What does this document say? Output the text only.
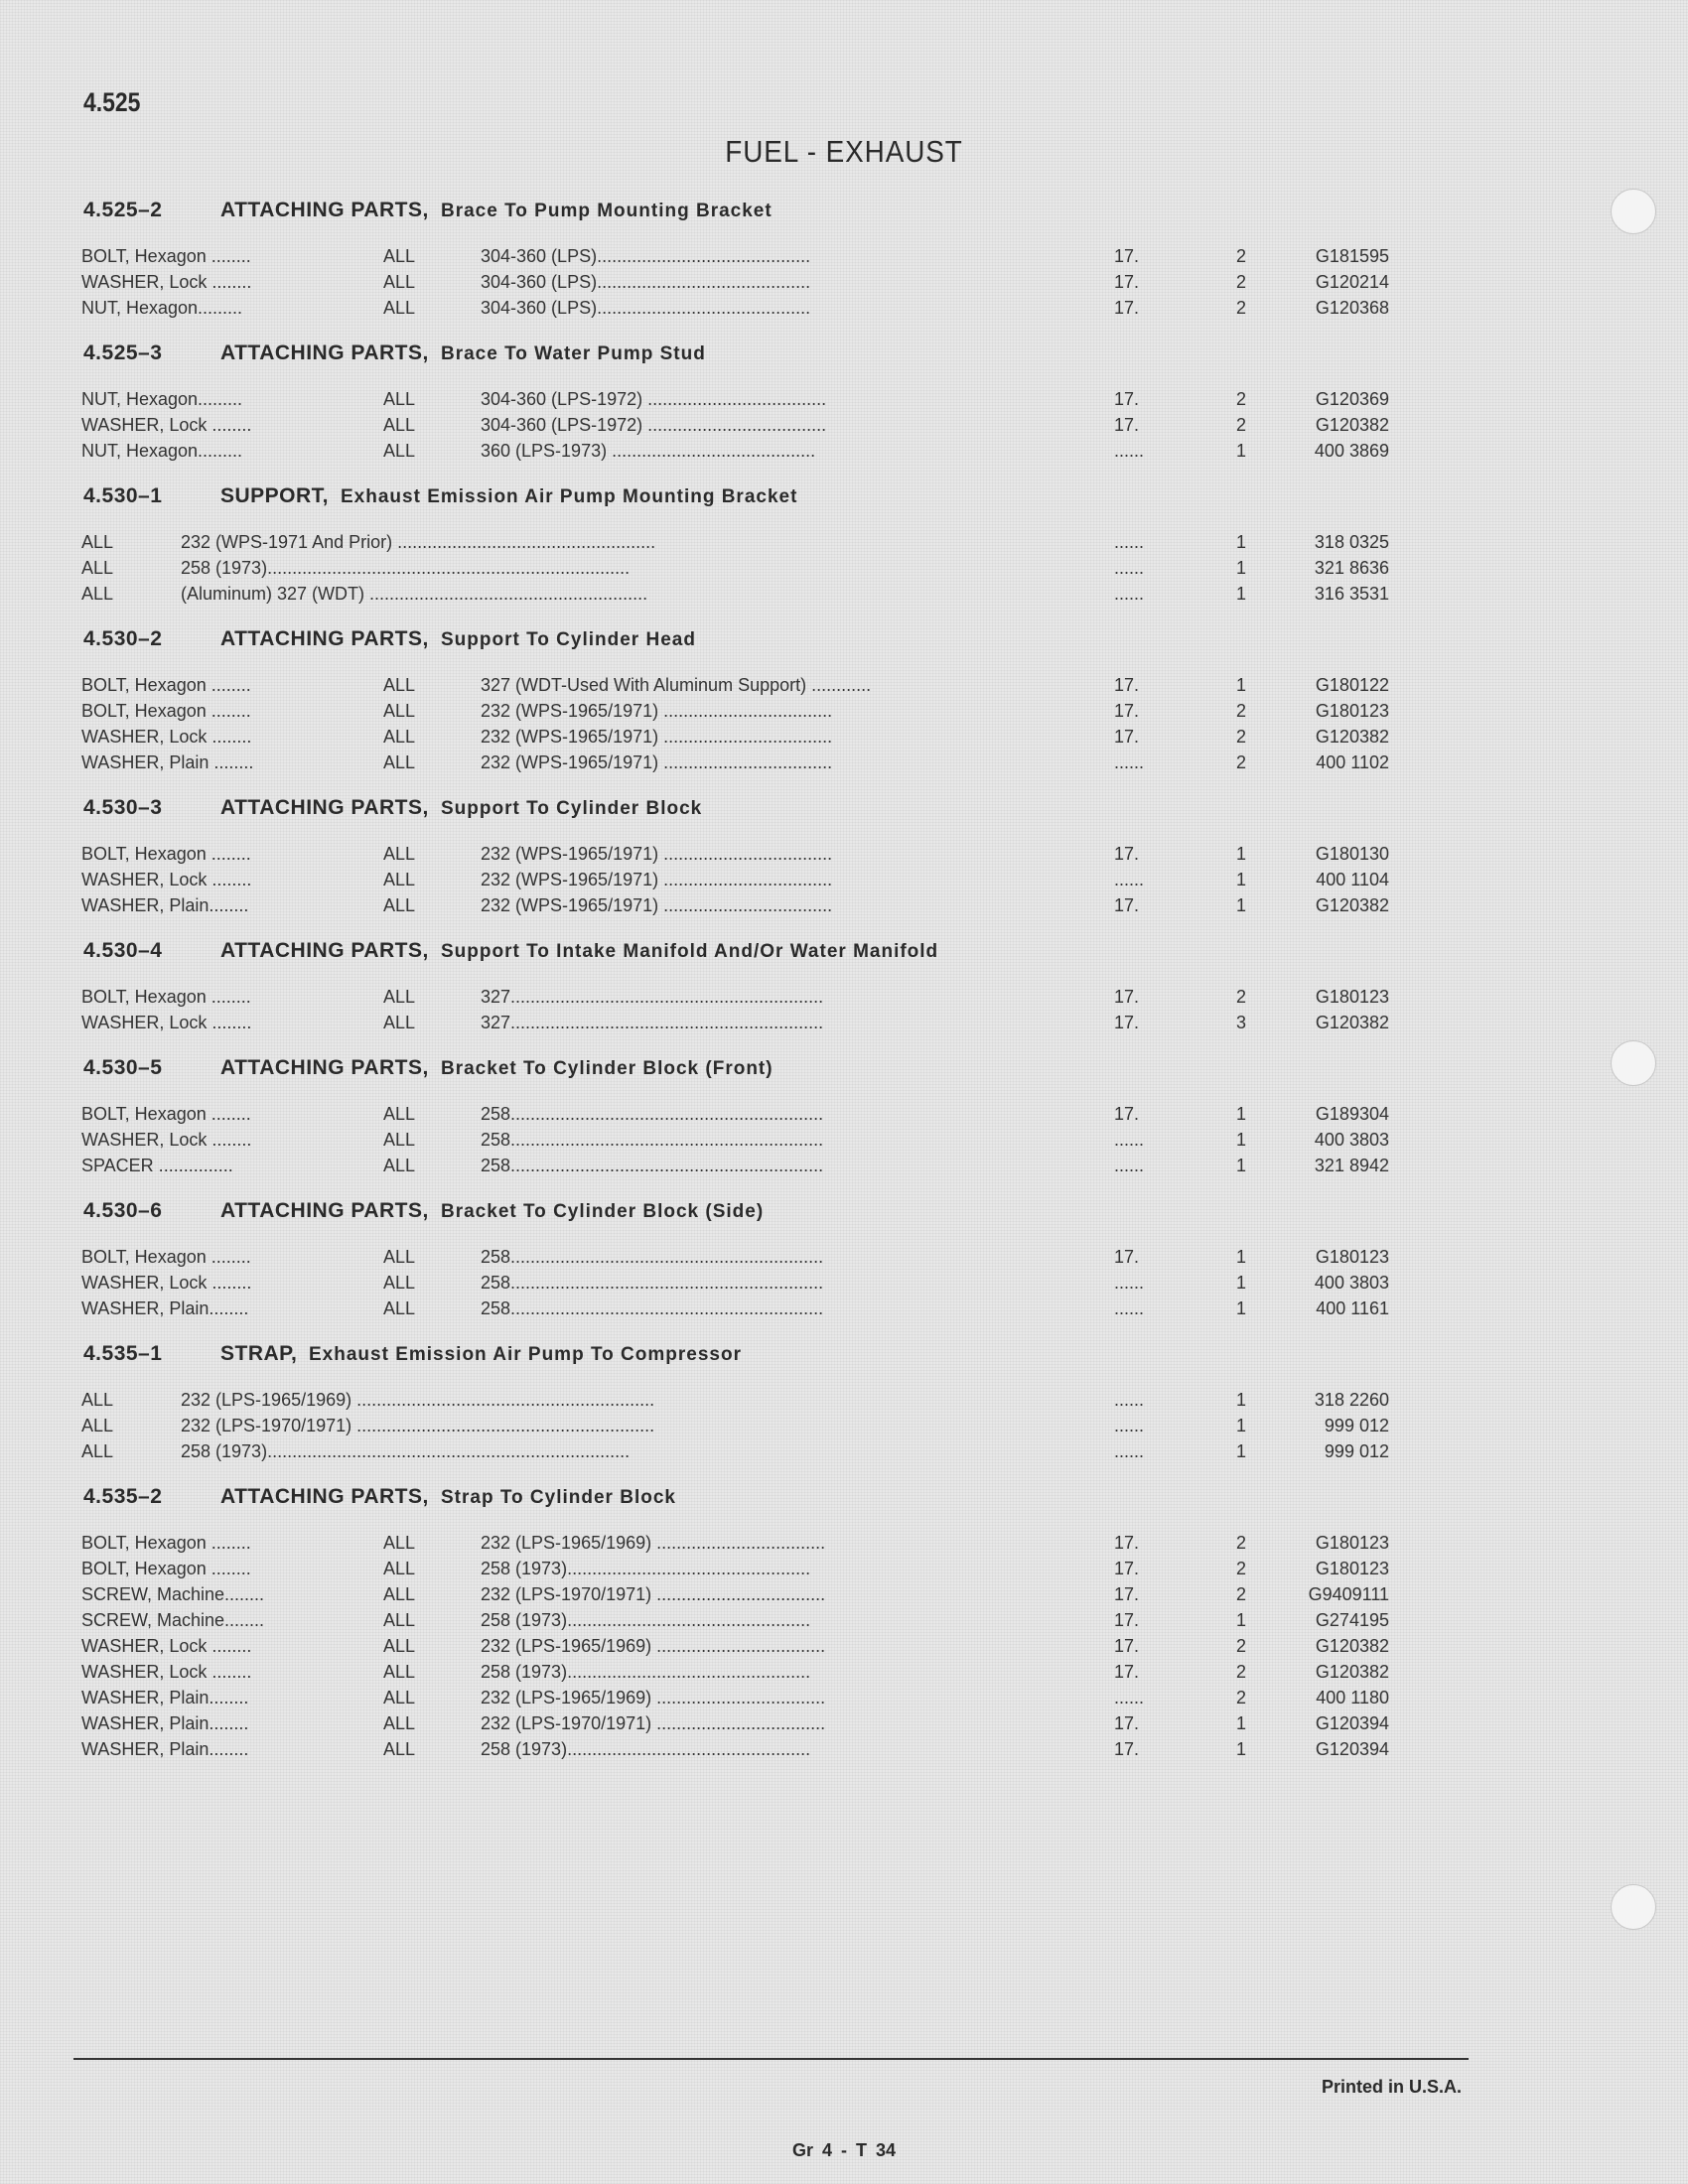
4.525
FUEL - EXHAUST
4.525–2	ATTACHING PARTS, Brace To Pump Mounting Bracket
BOLT, Hexagon ........	ALL	304-360 (LPS)...........................................	17.	2	G181595
WASHER, Lock ........	ALL	304-360 (LPS)...........................................	17.	2	G120214
NUT, Hexagon.........	ALL	304-360 (LPS)...........................................	17.	2	G120368
4.525–3	ATTACHING PARTS, Brace To Water Pump Stud
NUT, Hexagon.........	ALL	304-360 (LPS-1972) ....................................	17.	2	G120369
WASHER, Lock ........	ALL	304-360 (LPS-1972) ....................................	17.	2	G120382
NUT, Hexagon.........	ALL	360 (LPS-1973) .........................................	......	1	400 3869
4.530–1	SUPPORT, Exhaust Emission Air Pump Mounting Bracket
ALL	232 (WPS-1971 And Prior) ....................................................	......	1	318 0325
ALL	258 (1973).........................................................................	......	1	321 8636
ALL	(Aluminum) 327 (WDT) ........................................................	......	1	316 3531
4.530–2	ATTACHING PARTS, Support To Cylinder Head
BOLT, Hexagon ........	ALL	327 (WDT-Used With Aluminum Support) ............	17.	1	G180122
BOLT, Hexagon ........	ALL	232 (WPS-1965/1971) ..................................	17.	2	G180123
WASHER, Lock ........	ALL	232 (WPS-1965/1971) ..................................	17.	2	G120382
WASHER, Plain ........	ALL	232 (WPS-1965/1971) ..................................	......	2	400 1102
4.530–3	ATTACHING PARTS, Support To Cylinder Block
BOLT, Hexagon ........	ALL	232 (WPS-1965/1971) ..................................	17.	1	G180130
WASHER, Lock ........	ALL	232 (WPS-1965/1971) ..................................	......	1	400 1104
WASHER, Plain........	ALL	232 (WPS-1965/1971) ..................................	17.	1	G120382
4.530–4	ATTACHING PARTS, Support To Intake Manifold And/Or Water Manifold
BOLT, Hexagon ........	ALL	327...............................................................	17.	2	G180123
WASHER, Lock ........	ALL	327...............................................................	17.	3	G120382
4.530–5	ATTACHING PARTS, Bracket To Cylinder Block (Front)
BOLT, Hexagon ........	ALL	258...............................................................	17.	1	G189304
WASHER, Lock ........	ALL	258...............................................................	......	1	400 3803
SPACER ...............	ALL	258...............................................................	......	1	321 8942
4.530–6	ATTACHING PARTS, Bracket To Cylinder Block (Side)
BOLT, Hexagon ........	ALL	258...............................................................	17.	1	G180123
WASHER, Lock ........	ALL	258...............................................................	......	1	400 3803
WASHER, Plain........	ALL	258...............................................................	......	1	400 1161
4.535–1	STRAP, Exhaust Emission Air Pump To Compressor
ALL	232 (LPS-1965/1969) ............................................................	......	1	318 2260
ALL	232 (LPS-1970/1971) ............................................................	......	1	999 012
ALL	258 (1973).........................................................................	......	1	999 012
4.535–2	ATTACHING PARTS, Strap To Cylinder Block
BOLT, Hexagon ........	ALL	232 (LPS-1965/1969) ..................................	17.	2	G180123
BOLT, Hexagon ........	ALL	258 (1973).................................................	17.	2	G180123
SCREW, Machine........	ALL	232 (LPS-1970/1971) ..................................	17.	2	G9409111
SCREW, Machine........	ALL	258 (1973).................................................	17.	1	G274195
WASHER, Lock ........	ALL	232 (LPS-1965/1969) ..................................	17.	2	G120382
WASHER, Lock ........	ALL	258 (1973).................................................	17.	2	G120382
WASHER, Plain........	ALL	232 (LPS-1965/1969) ..................................	......	2	400 1180
WASHER, Plain........	ALL	232 (LPS-1970/1971) ..................................	17.	1	G120394
WASHER, Plain........	ALL	258 (1973).................................................	17.	1	G120394
Printed in U.S.A.
Gr 4 - T 34
